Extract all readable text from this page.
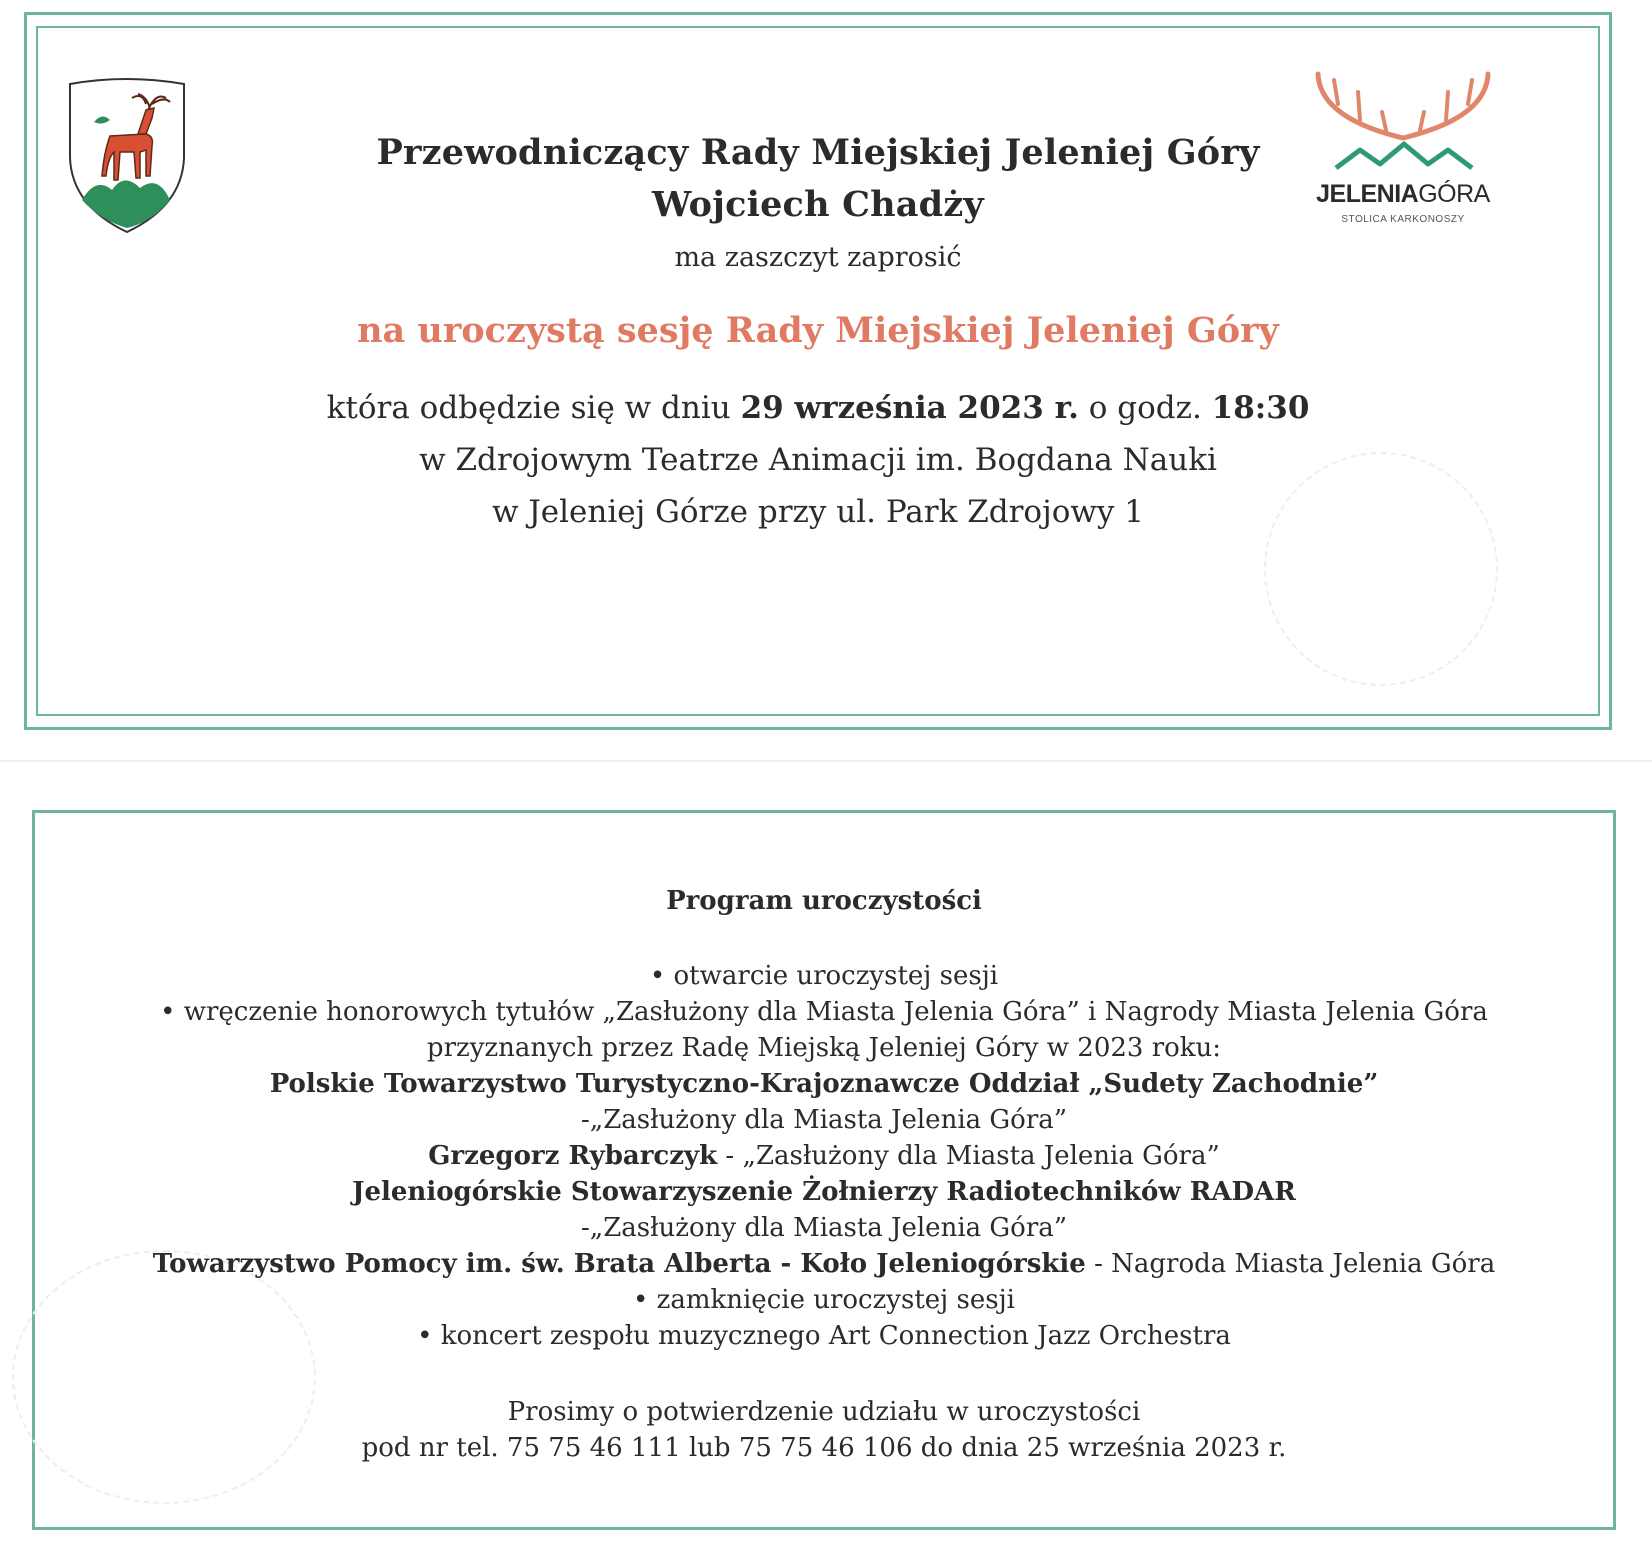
JELENIAGÓRA
STOLICA KARKONOSZY
Przewodniczący Rady Miejskiej Jeleniej Góry
Wojciech Chadży
ma zaszczyt zaprosić
na uroczystą sesję Rady Miejskiej Jeleniej Góry
która odbędzie się w dniu 29 września 2023 r. o godz. 18:30
w Zdrojowym Teatrze Animacji im. Bogdana Nauki
w Jeleniej Górze przy ul. Park Zdrojowy 1
Program uroczystości
• otwarcie uroczystej sesji
• wręczenie honorowych tytułów „Zasłużony dla Miasta Jelenia Góra” i Nagrody Miasta Jelenia Góra
przyznanych przez Radę Miejską Jeleniej Góry w 2023 roku:
Polskie Towarzystwo Turystyczno-Krajoznawcze Oddział „Sudety Zachodnie”
-„Zasłużony dla Miasta Jelenia Góra”
Grzegorz Rybarczyk - „Zasłużony dla Miasta Jelenia Góra”
Jeleniogórskie Stowarzyszenie Żołnierzy Radiotechników RADAR
-„Zasłużony dla Miasta Jelenia Góra”
Towarzystwo Pomocy im. św. Brata Alberta - Koło Jeleniogórskie - Nagroda Miasta Jelenia Góra
• zamknięcie uroczystej sesji
• koncert zespołu muzycznego Art Connection Jazz Orchestra
Prosimy o potwierdzenie udziału w uroczystości
pod nr tel. 75 75 46 111 lub 75 75 46 106 do dnia 25 września 2023 r.
